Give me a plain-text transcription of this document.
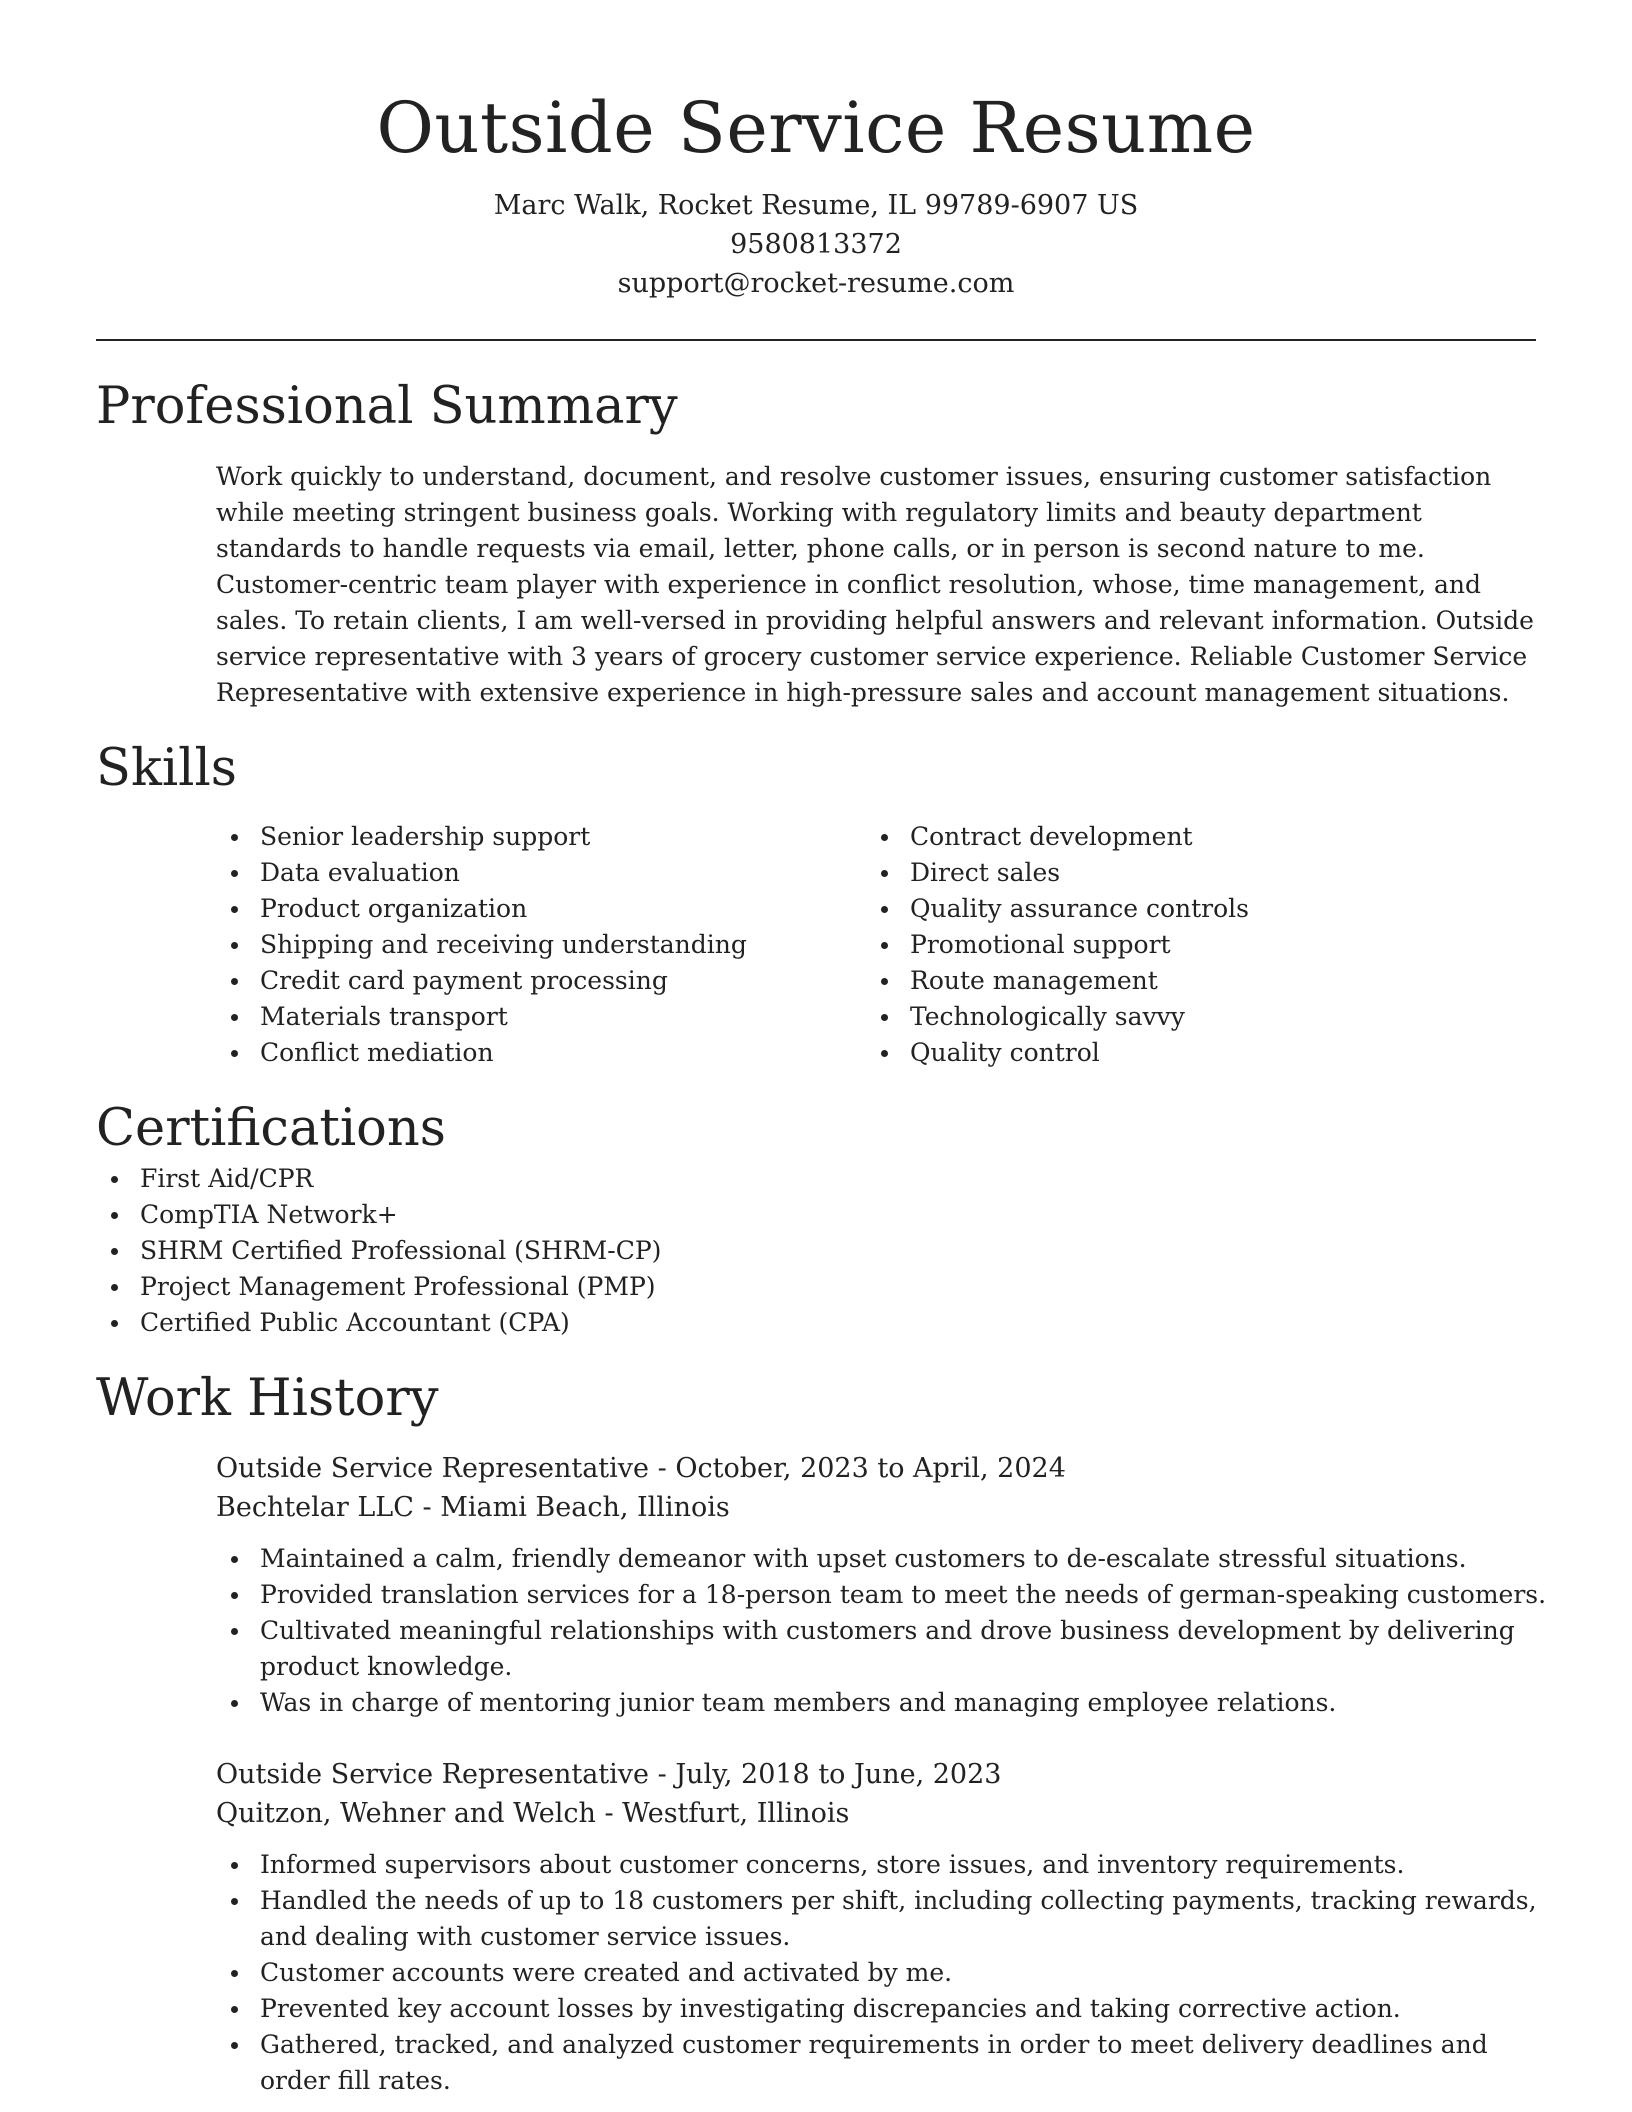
Outside Service Resume
Marc Walk, Rocket Resume, IL 99789-6907 US
9580813372
support@rocket-resume.com
Professional Summary

Work quickly to understand, document, and resolve customer issues, ensuring customer satisfaction while meeting stringent business goals. Working with regulatory limits and beauty department standards to handle requests via email, letter, phone calls, or in person is second nature to me. Customer-centric team player with experience in conflict resolution, whose, time management, and sales. To retain clients, I am well-versed in providing helpful answers and relevant information. Outside service representative with 3 years of grocery customer service experience. Reliable Customer Service Representative with extensive experience in high-pressure sales and account management situations.

Skills
Senior leadership support
Data evaluation
Product organization
Shipping and receiving understanding
Credit card payment processing
Materials transport
Conflict mediation
Contract development
Direct sales
Quality assurance controls
Promotional support
Route management
Technologically savvy
Quality control
Certifications
First Aid/CPR
CompTIA Network+
SHRM Certified Professional (SHRM-CP)
Project Management Professional (PMP)
Certified Public Accountant (CPA)
Work History
Outside Service Representative - October, 2023 to April, 2024
Bechtelar LLC - Miami Beach, Illinois
Maintained a calm, friendly demeanor with upset customers to de-escalate stressful situations.
Provided translation services for a 18-person team to meet the needs of german-speaking customers.
Cultivated meaningful relationships with customers and drove business development by delivering product knowledge.
Was in charge of mentoring junior team members and managing employee relations.
Outside Service Representative - July, 2018 to June, 2023
Quitzon, Wehner and Welch - Westfurt, Illinois
Informed supervisors about customer concerns, store issues, and inventory requirements.
Handled the needs of up to 18 customers per shift, including collecting payments, tracking rewards, and dealing with customer service issues.
Customer accounts were created and activated by me.
Prevented key account losses by investigating discrepancies and taking corrective action.
Gathered, tracked, and analyzed customer requirements in order to meet delivery deadlines and order fill rates.
